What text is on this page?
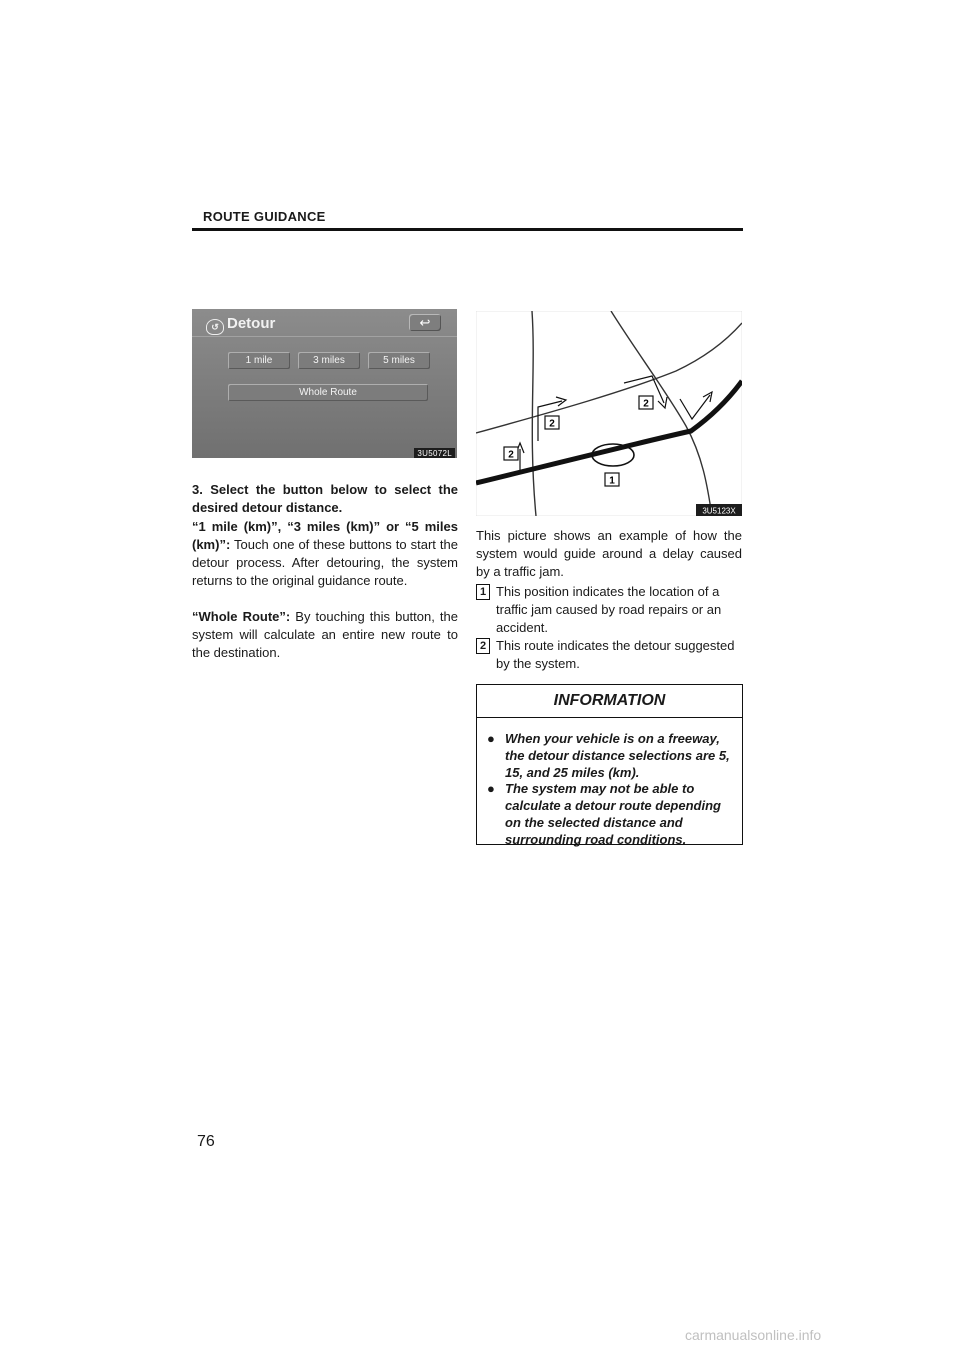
ROUTE GUIDANCE
↺ Detour	↩
1 mile	3 miles	5 miles
Whole Route
3U5072L
3. Select the button below to select the desired detour distance.
“1 mile (km)”, “3 miles (km)” or “5 miles (km)”: Touch one of these buttons to start the detour process. After detouring, the system returns to the original guidance route.
“Whole Route”: By touching this button, the system will calculate an entire new route to the destination.
1
2
2
2
3U5123X
This picture shows an example of how the system would guide around a delay caused by a traffic jam.
1 This position indicates the location of a traffic jam caused by road repairs or an accident.
2 This route indicates the detour suggested by the system.
INFORMATION
● When your vehicle is on a freeway, the detour distance selections are 5, 15, and 25 miles (km).
● The system may not be able to calculate a detour route depending on the selected distance and surrounding road conditions.
76
carmanualsonline.info
